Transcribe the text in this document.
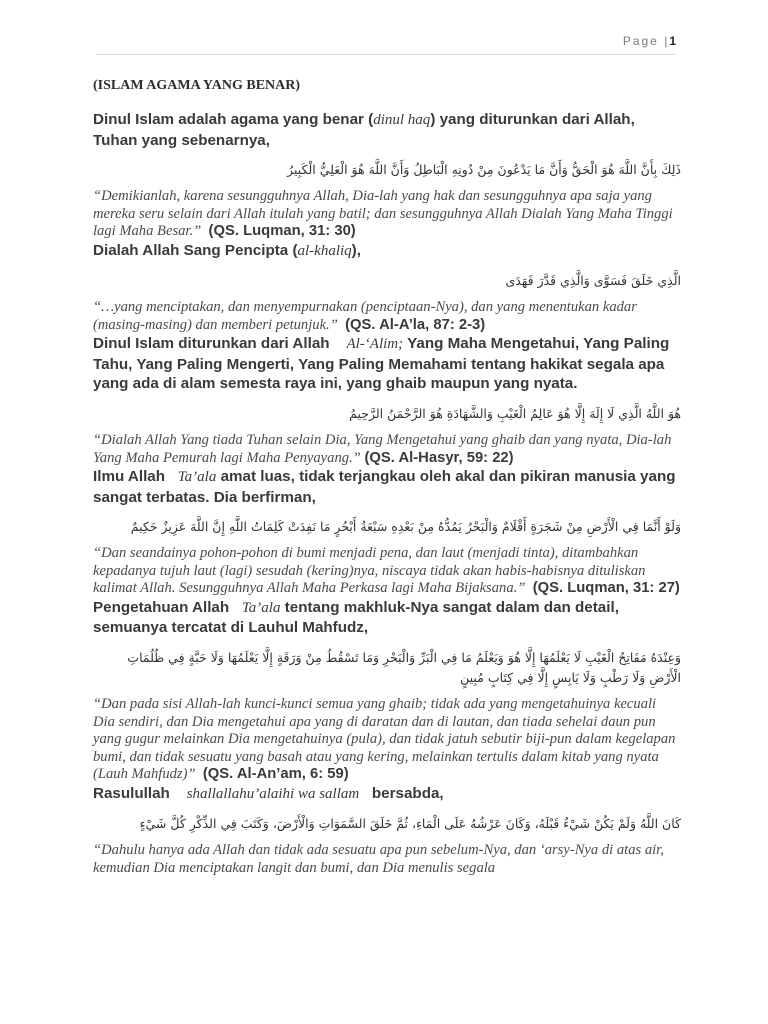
Page |1

(ISLAM AGAMA YANG BENAR)

Dinul Islam adalah agama yang benar (dinul haq) yang diturunkan dari Allah, Tuhan yang sebenarnya,

ذَلِكَ بِأَنَّ اللَّهَ هُوَ الْحَقُّ وَأَنَّ مَا يَدْعُونَ مِنْ دُونِهِ الْبَاطِلُ وَأَنَّ اللَّهَ هُوَ الْعَلِيُّ الْكَبِيرُ

“Demikianlah, karena sesungguhnya Allah, Dia-lah yang hak dan sesungguhnya apa saja yang mereka seru selain dari Allah itulah yang batil; dan sesungguhnya Allah Dialah Yang Maha Tinggi lagi Maha Besar.” (QS. Luqman, 31: 30)

Dialah Allah Sang Pencipta (al-khaliq),

الَّذِي خَلَقَ فَسَوَّى وَالَّذِي قَدَّرَ فَهَدَى

“…yang menciptakan, dan menyempurnakan (penciptaan-Nya), dan yang menentukan kadar (masing-masing) dan memberi petunjuk.” (QS. Al-A’la, 87: 2-3)

Dinul Islam diturunkan dari Allah Al-‘Alim; Yang Maha Mengetahui, Yang Paling Tahu, Yang Paling Mengerti, Yang Paling Memahami tentang hakikat segala apa yang ada di alam semesta raya ini, yang ghaib maupun yang nyata.

هُوَ اللَّهُ الَّذِي لَا إِلَهَ إِلَّا هُوَ عَالِمُ الْغَيْبِ وَالشَّهَادَةِ هُوَ الرَّحْمَنُ الرَّحِيمُ

“Dialah Allah Yang tiada Tuhan selain Dia, Yang Mengetahui yang ghaib dan yang nyata, Dia-lah Yang Maha Pemurah lagi Maha Penyayang.” (QS. Al-Hasyr, 59: 22)

Ilmu Allah Ta’ala amat luas, tidak terjangkau oleh akal dan pikiran manusia yang sangat terbatas. Dia berfirman,

وَلَوْ أَنَّمَا فِي الْأَرْضِ مِنْ شَجَرَةٍ أَقْلَامٌ وَالْبَحْرُ يَمُدُّهُ مِنْ بَعْدِهِ سَبْعَةُ أَبْحُرٍ مَا نَفِدَتْ كَلِمَاتُ اللَّهِ إِنَّ اللَّهَ عَزِيزٌ حَكِيمٌ

“Dan seandainya pohon-pohon di bumi menjadi pena, dan laut (menjadi tinta), ditambahkan kepadanya tujuh laut (lagi) sesudah (kering)nya, niscaya tidak akan habis-habisnya dituliskan kalimat Allah. Sesungguhnya Allah Maha Perkasa lagi Maha Bijaksana.” (QS. Luqman, 31: 27)

Pengetahuan Allah Ta’ala tentang makhluk-Nya sangat dalam dan detail, semuanya tercatat di Lauhul Mahfudz,

وَعِنْدَهُ مَفَاتِحُ الْغَيْبِ لَا يَعْلَمُهَا إِلَّا هُوَ وَيَعْلَمُ مَا فِي الْبَرِّ وَالْبَحْرِ وَمَا تَسْقُطُ مِنْ وَرَقَةٍ إِلَّا يَعْلَمُهَا وَلَا حَبَّةٍ فِي ظُلُمَاتِ الْأَرْضِ وَلَا رَطْبٍ وَلَا يَابِسٍ إِلَّا فِي كِتَابٍ مُبِينٍ

“Dan pada sisi Allah-lah kunci-kunci semua yang ghaib; tidak ada yang mengetahuinya kecuali Dia sendiri, dan Dia mengetahui apa yang di daratan dan di lautan, dan tiada sehelai daun pun yang gugur melainkan Dia mengetahuinya (pula), dan tidak jatuh sebutir biji-pun dalam kegelapan bumi, dan tidak sesuatu yang basah atau yang kering, melainkan tertulis dalam kitab yang nyata (Lauh Mahfudz)” (QS. Al-An’am, 6: 59)

Rasulullah shallallahu’alaihi wa sallam bersabda,

كَانَ اللَّهُ وَلَمْ يَكُنْ شَيْءٌ قَبْلَهُ، وَكَانَ عَرْشُهُ عَلَى الْمَاءِ، ثُمَّ خَلَقَ السَّمَوَاتِ وَالْأَرْضَ، وَكَتَبَ فِي الذِّكْرِ كُلَّ شَيْءٍ

“Dahulu hanya ada Allah dan tidak ada sesuatu apa pun sebelum-Nya, dan ‘arsy-Nya di atas air, kemudian Dia menciptakan langit dan bumi, dan Dia menulis segala
